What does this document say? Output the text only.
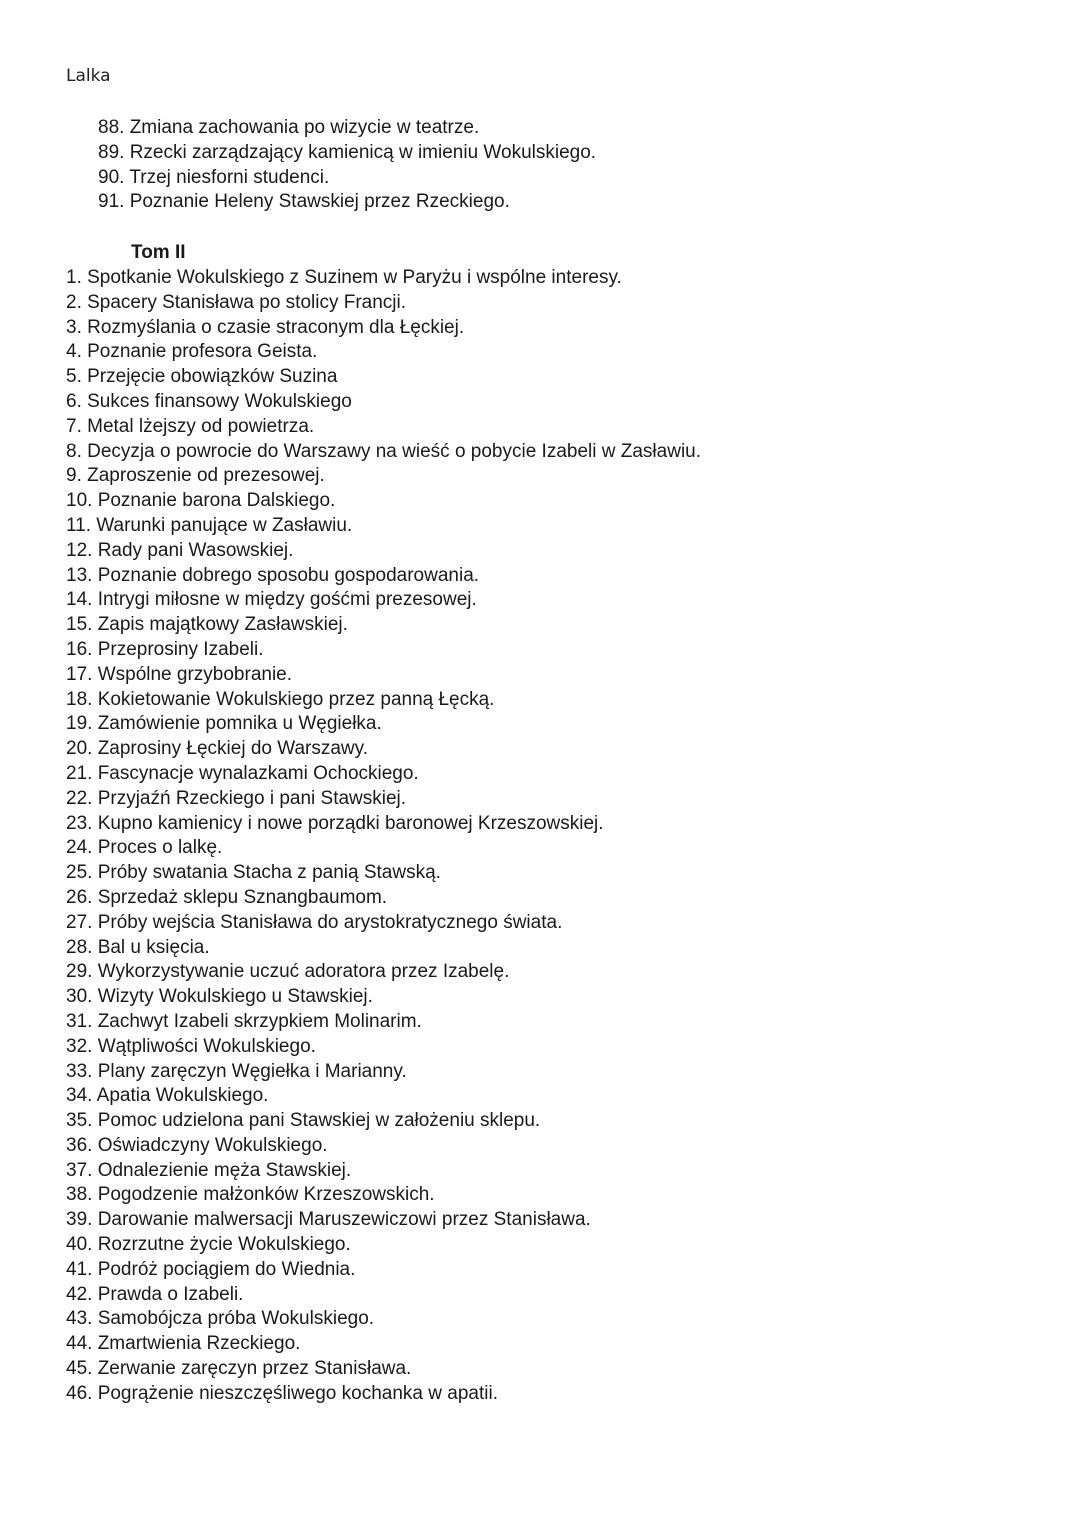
Lalka
88. Zmiana zachowania po wizycie w teatrze.
89. Rzecki zarządzający kamienicą w imieniu Wokulskiego.
90. Trzej niesforni studenci.
91. Poznanie Heleny Stawskiej przez Rzeckiego.
Tom II
1. Spotkanie Wokulskiego z Suzinem w Paryżu i wspólne interesy.
2. Spacery Stanisława po stolicy Francji.
3. Rozmyślania o czasie straconym dla Łęckiej.
4. Poznanie profesora Geista.
5. Przejęcie obowiązków Suzina
6. Sukces finansowy Wokulskiego
7. Metal lżejszy od powietrza.
8. Decyzja o powrocie do Warszawy na wieść o pobycie Izabeli w Zasławiu.
9. Zaproszenie od prezesowej.
10. Poznanie barona Dalskiego.
11. Warunki panujące w Zasławiu.
12. Rady pani Wasowskiej.
13. Poznanie dobrego sposobu gospodarowania.
14. Intrygi miłosne w między gośćmi prezesowej.
15. Zapis majątkowy Zasławskiej.
16. Przeprosiny Izabeli.
17. Wspólne grzybobranie.
18. Kokietowanie Wokulskiego przez panną Łęcką.
19. Zamówienie pomnika u Węgiełka.
20. Zaprosiny Łęckiej do Warszawy.
21. Fascynacje wynalazkami Ochockiego.
22. Przyjaźń Rzeckiego i pani Stawskiej.
23. Kupno kamienicy i nowe porządki baronowej Krzeszowskiej.
24. Proces o lalkę.
25. Próby swatania Stacha z panią Stawską.
26. Sprzedaż sklepu Sznangbaumom.
27. Próby wejścia Stanisława do arystokratycznego świata.
28. Bal u księcia.
29. Wykorzystywanie uczuć adoratora przez Izabelę.
30. Wizyty Wokulskiego u Stawskiej.
31. Zachwyt Izabeli skrzypkiem Molinarim.
32. Wątpliwości Wokulskiego.
33. Plany zaręczyn Węgiełka i Marianny.
34. Apatia Wokulskiego.
35. Pomoc udzielona pani Stawskiej w założeniu sklepu.
36. Oświadczyny Wokulskiego.
37. Odnalezienie męża Stawskiej.
38. Pogodzenie małżonków Krzeszowskich.
39. Darowanie malwersacji Maruszewiczowi przez Stanisława.
40. Rozrzutne życie Wokulskiego.
41. Podróż pociągiem do Wiednia.
42. Prawda o Izabeli.
43. Samobójcza próba Wokulskiego.
44. Zmartwienia Rzeckiego.
45. Zerwanie zaręczyn przez Stanisława.
46. Pogrążenie nieszczęśliwego kochanka w apatii.
